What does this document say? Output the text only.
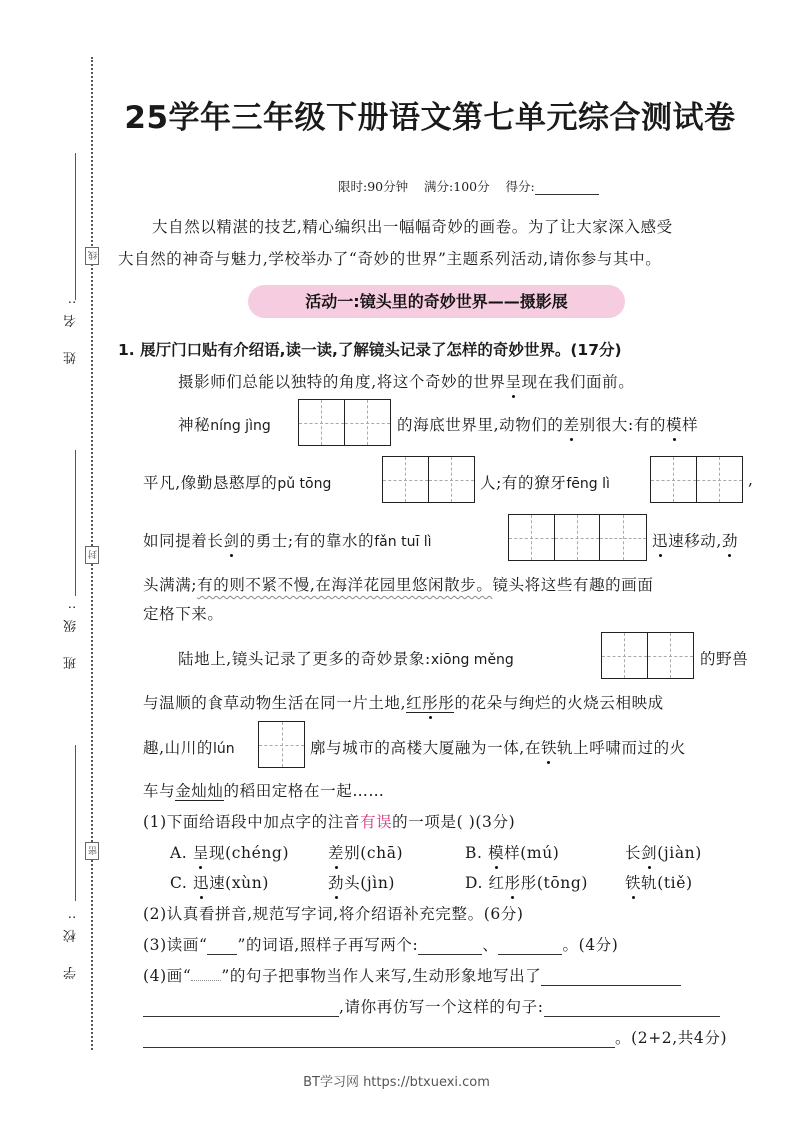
姓 名:
线
班 级:
封
学 校:
密
25学年三年级下册语文第七单元综合测试卷
限时:90分钟 满分:100分 得分:
大自然以精湛的技艺,精心编织出一幅幅奇妙的画卷。为了让大家深入感受
大自然的神奇与魅力,学校举办了“奇妙的世界”主题系列活动,请你参与其中。
活动一:镜头里的奇妙世界——摄影展
1. 展厅门口贴有介绍语,读一读,了解镜头记录了怎样的奇妙世界。(17分)
摄影师们总能以独特的角度,将这个奇妙的世界呈现在我们面前。
神秘níng jìng	的海底世界里,动物们的差别很大:有的模样
平凡,像勤恳憨厚的pǔ tōng	人;有的獠牙fēng lì	,
如同提着长剑的勇士;有的靠水的fǎn tuī lì	迅速移动,劲
头满满;有的则不紧不慢,在海洋花园里悠闲散步。镜头将这些有趣的画面
定格下来。
陆地上,镜头记录了更多的奇妙景象:xiōng měng	的野兽
与温顺的食草动物生活在同一片土地,红彤彤的花朵与绚烂的火烧云相映成
趣,山川的lún	廓与城市的高楼大厦融为一体,在铁轨上呼啸而过的火
车与金灿灿的稻田定格在一起……
(1)下面给语段中加点字的注音有误的一项是( )(3分)
A. 呈现(chéng)	差别(chā)	B. 模样(mú)	长剑(jiàn)
C. 迅速(xùn)	劲头(jìn)	D. 红彤彤(tōng) 铁轨(tiě)
(2)认真看拼音,规范写字词,将介绍语补充完整。(6分)
(3)读画“ ”的词语,照样子再写两个:	、	。(4分)
(4)画“ ”的句子把事物当作人来写,生动形象地写出了
,请你再仿写一个这样的句子:
。(2+2,共4分)
BT学习网 https://btxuexi.com
